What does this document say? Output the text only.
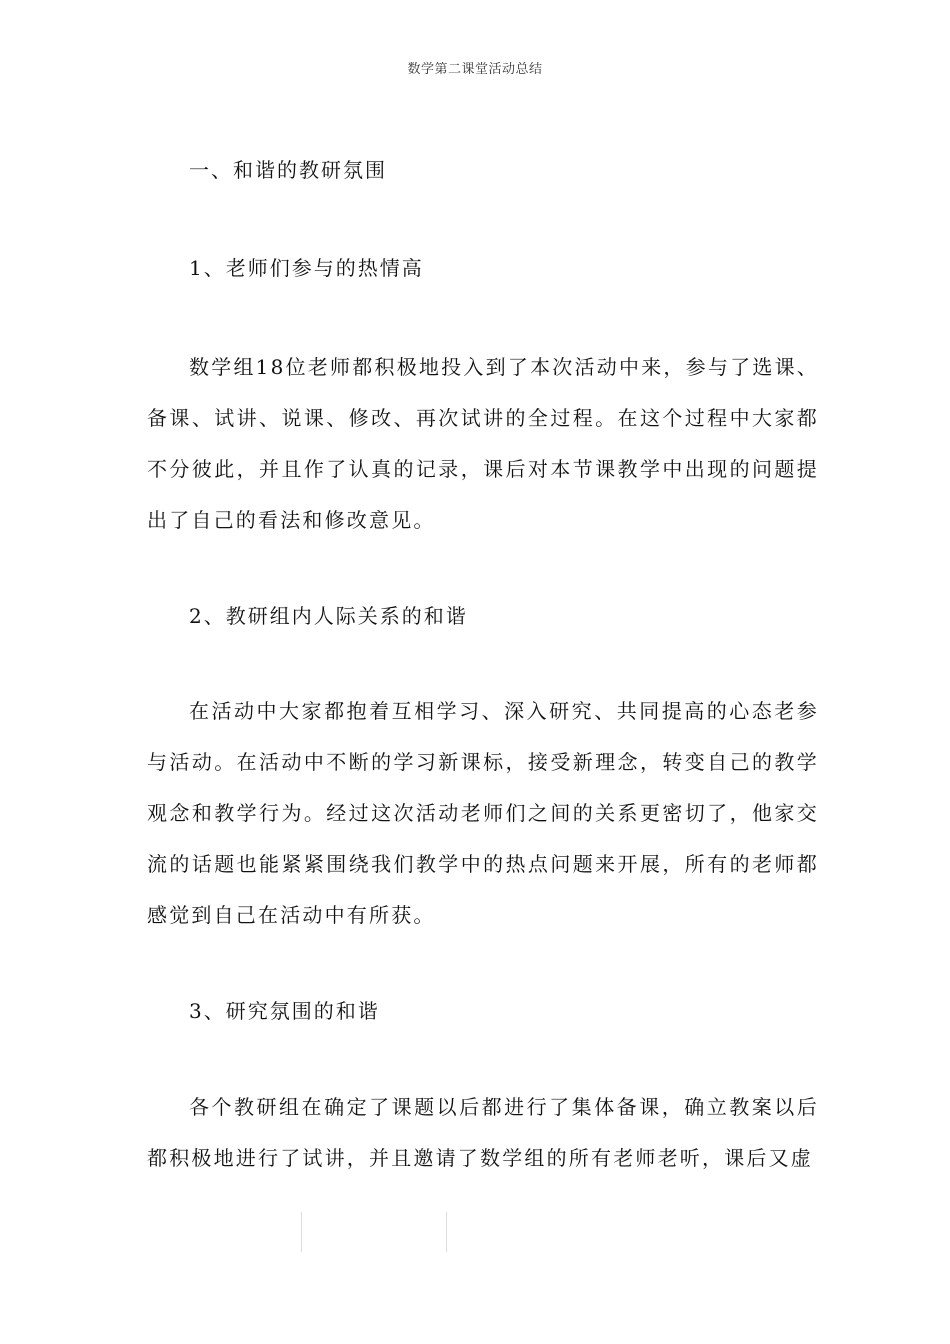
数学第二课堂活动总结
一、和谐的教研氛围
1、老师们参与的热情高

数学组18位老师都积极地投入到了本次活动中来，参与了选课、备课、试讲、说课、修改、再次试讲的全过程。在这个过程中大家都不分彼此，并且作了认真的记录，课后对本节课教学中出现的问题提出了自己的看法和修改意见。

2、教研组内人际关系的和谐

在活动中大家都抱着互相学习、深入研究、共同提高的心态老参与活动。在活动中不断的学习新课标，接受新理念，转变自己的教学观念和教学行为。经过这次活动老师们之间的关系更密切了，他家交流的话题也能紧紧围绕我们教学中的热点问题来开展，所有的老师都感觉到自己在活动中有所获。

3、研究氛围的和谐

各个教研组在确定了课题以后都进行了集体备课，确立教案以后都积极地进行了试讲，并且邀请了数学组的所有老师老听，课后又虚
